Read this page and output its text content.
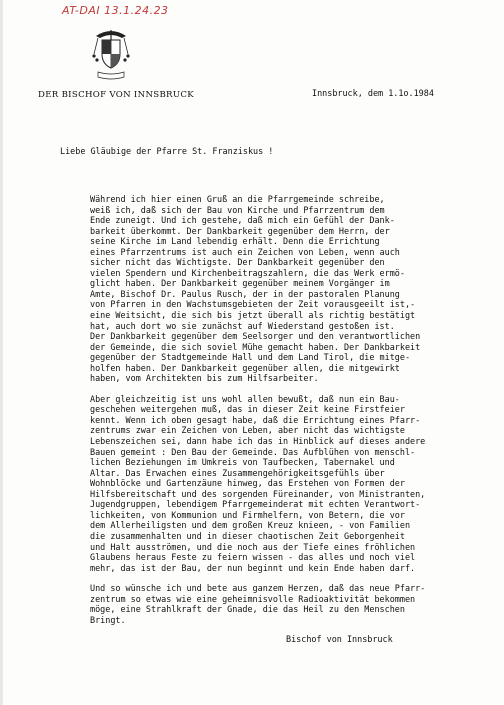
AT-DAI 13.1.24.23
DER BISCHOF VON INNSBRUCK	Innsbruck, dem 1.1o.1984
Liebe Gläubige der Pfarre St. Franziskus !
Während ich hier einen Gruß an die Pfarrgemeinde schreibe,
weiß ich, daß sich der Bau von Kirche und Pfarrzentrum dem
Ende zuneigt. Und ich gestehe, daß mich ein Gefühl der Dank-
barkeit überkommt. Der Dankbarkeit gegenüber dem Herrn, der
seine Kirche im Land lebendig erhält. Denn die Errichtung
eines Pfarrzentrums ist auch ein Zeichen von Leben, wenn auch
sicher nicht das Wichtigste. Der Dankbarkeit gegenüber den
vielen Spendern und Kirchenbeitragszahlern, die das Werk ermö-
glicht haben. Der Dankbarkeit gegenüber meinem Vorgänger im
Amte, Bischof Dr. Paulus Rusch, der in der pastoralen Planung
von Pfarren in den Wachstumsgebieten der Zeit vorausgeeilt ist,-
eine Weitsicht, die sich bis jetzt überall als richtig bestätigt
hat, auch dort wo sie zunächst auf Wiederstand gestoßen ist.
Der Dankbarkeit gegenüber dem Seelsorger und den verantwortlichen
der Gemeinde, die sich soviel Mühe gemacht haben. Der Dankbarkeit
gegenüber der Stadtgemeinde Hall und dem Land Tirol, die mitge-
holfen haben. Der Dankbarkeit gegenüber allen, die mitgewirkt
haben, vom Architekten bis zum Hilfsarbeiter.
Aber gleichzeitig ist uns wohl allen bewußt, daß nun ein Bau-
geschehen weitergehen muß, das in dieser Zeit keine Firstfeier
kennt. Wenn ich oben gesagt habe, daß die Errichtung eines Pfarr-
zentrums zwar ein Zeichen von Leben, aber nicht das wichtigste
Lebenszeichen sei, dann habe ich das in Hinblick auf dieses andere
Bauen gemeint : Den Bau der Gemeinde. Das Aufblühen von menschl-
lichen Beziehungen im Umkreis von Taufbecken, Tabernakel und
Altar. Das Erwachen eines Zusammengehörigkeitsgefühls über
Wohnblöcke und Gartenzäune hinweg, das Erstehen von Formen der
Hilfsbereitschaft und des sorgenden Füreinander, von Ministranten,
Jugendgruppen, lebendigem Pfarrgemeinderat mit echten Verantwort-
lichkeiten, von Kommunion und Firmhelfern, von Betern, die vor
dem Allerheiligsten und dem großen Kreuz knieen, - von Familien
die zusammenhalten und in dieser chaotischen Zeit Geborgenheit
und Halt ausströmen, und die noch aus der Tiefe eines fröhlichen
Glaubens heraus Feste zu feiern wissen - das alles und noch viel
mehr, das ist der Bau, der nun beginnt und kein Ende haben darf.
Und so wünsche ich und bete aus ganzem Herzen, daß das neue Pfarr-
zentrum so etwas wie eine geheimnisvolle Radioaktivität bekommen
möge, eine Strahlkraft der Gnade, die das Heil zu den Menschen
Bringt.
Bischof von Innsbruck
